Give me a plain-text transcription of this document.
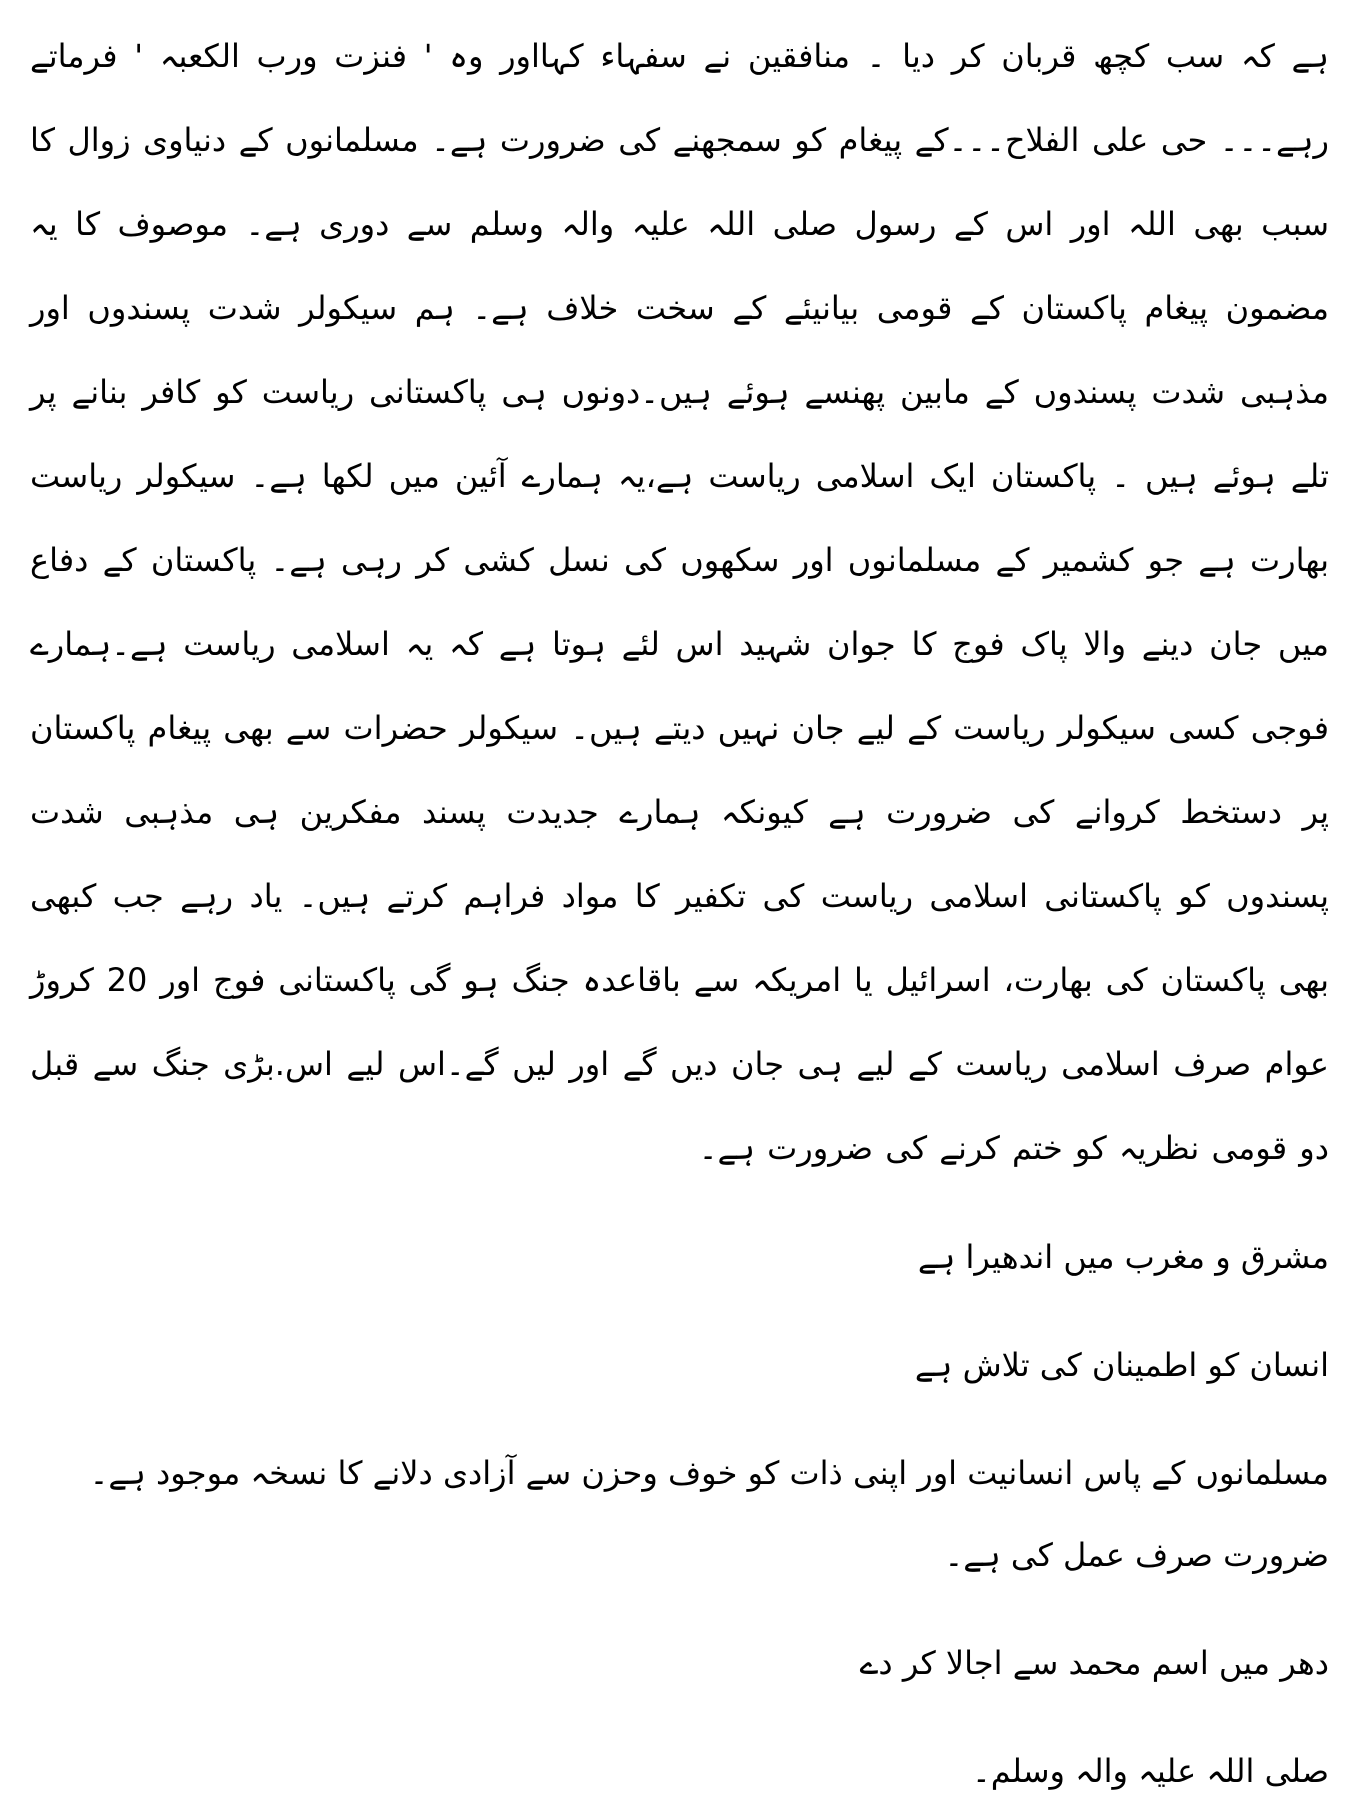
ہے کہ سب کچھ قربان کر دیا ۔ منافقین نے سفہاء کہااور وہ ' فنزت ورب الکعبہ ' فرماتے رہے۔۔۔ حی علی الفلاح۔۔۔کے پیغام کو سمجھنے کی ضرورت ہے۔ مسلمانوں کے دنیاوی زوال کا سبب بھی اللہ اور اس کے رسول صلی اللہ علیہ والہ وسلم سے دوری ہے۔ موصوف کا یہ مضمون پیغام پاکستان کے قومی بیانیئے کے سخت خلاف ہے۔ ہم سیکولر شدت پسندوں اور مذہبی شدت پسندوں کے مابین پھنسے ہوئے ہیں۔دونوں ہی پاکستانی ریاست کو کافر بنانے پر تلے ہوئے ہیں ۔ پاکستان ایک اسلامی ریاست ہے،یہ ہمارے آئین میں لکھا ہے۔ سیکولر ریاست بھارت ہے جو کشمیر کے مسلمانوں اور سکھوں کی نسل کشی کر رہی ہے۔ پاکستان کے دفاع میں جان دینے والا پاک فوج کا جوان شہید اس لئے ہوتا ہے کہ یہ اسلامی ریاست ہے۔ہمارے فوجی کسی سیکولر ریاست کے لیے جان نہیں دیتے ہیں۔ سیکولر حضرات سے بھی پیغام پاکستان پر دستخط کروانے کی ضرورت ہے کیونکہ ہمارے جدیدت پسند مفکرین ہی مذہبی شدت پسندوں کو پاکستانی اسلامی ریاست کی تکفیر کا مواد فراہم کرتے ہیں۔ یاد رہے جب کبھی بھی پاکستان کی بھارت، اسرائیل یا امریکہ سے باقاعدہ جنگ ہو گی پاکستانی فوج اور 20 کروڑ عوام صرف اسلامی ریاست کے لیے ہی جان دیں گے اور لیں گے۔اس لیے اس.بڑی جنگ سے قبل دو قومی نظریہ کو ختم کرنے کی ضرورت ہے۔
مشرق و مغرب میں اندھیرا ہے
انسان کو اطمینان کی تلاش ہے
مسلمانوں کے پاس انسانیت اور اپنی ذات کو خوف وحزن سے آزادی دلانے کا نسخہ موجود ہے۔ ضرورت صرف عمل کی ہے۔
دھر میں اسم محمد سے اجالا کر دے
صلی اللہ علیہ والہ وسلم۔
